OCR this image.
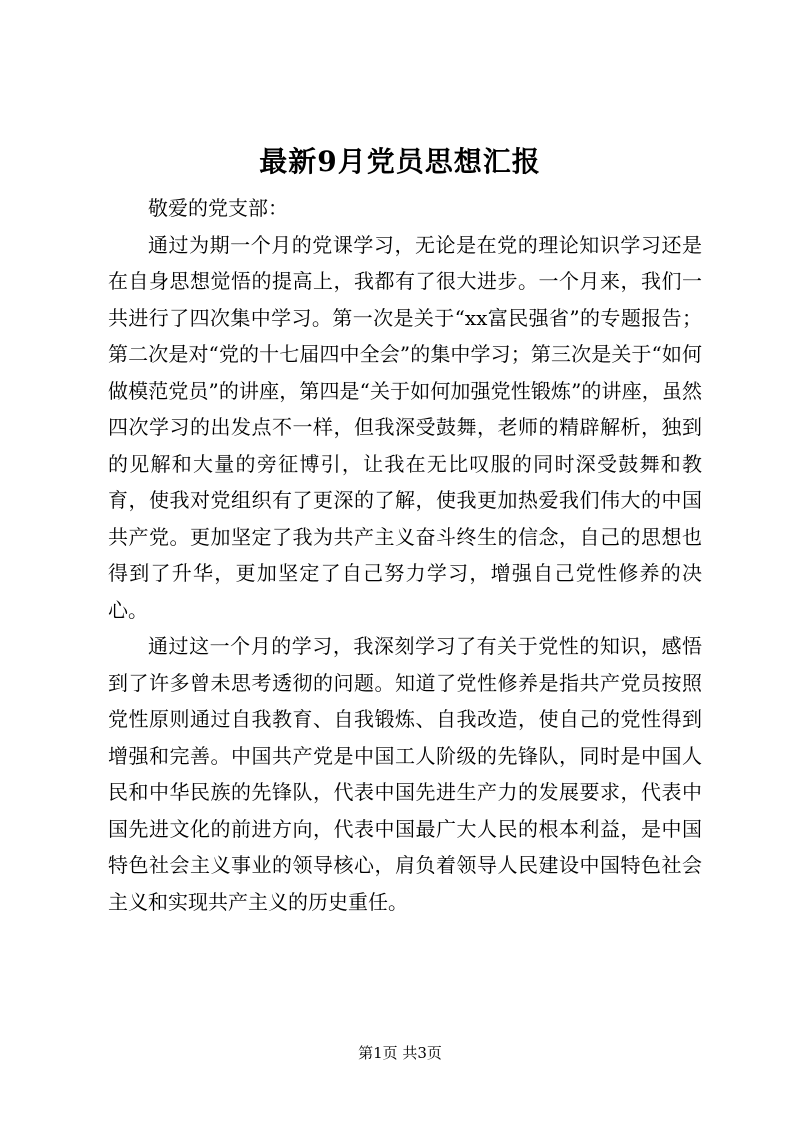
最新9月党员思想汇报

敬爱的党支部：

通过为期一个月的党课学习，无论是在党的理论知识学习还是在自身思想觉悟的提高上，我都有了很大进步。一个月来，我们一共进行了四次集中学习。第一次是关于“xx富民强省”的专题报告；第二次是对“党的十七届四中全会”的集中学习；第三次是关于“如何做模范党员”的讲座，第四是“关于如何加强党性锻炼”的讲座，虽然四次学习的出发点不一样，但我深受鼓舞，老师的精辟解析，独到的见解和大量的旁征博引，让我在无比叹服的同时深受鼓舞和教育，使我对党组织有了更深的了解，使我更加热爱我们伟大的中国共产党。更加坚定了我为共产主义奋斗终生的信念，自己的思想也得到了升华，更加坚定了自己努力学习，增强自己党性修养的决心。

通过这一个月的学习，我深刻学习了有关于党性的知识，感悟到了许多曾未思考透彻的问题。知道了党性修养是指共产党员按照党性原则通过自我教育、自我锻炼、自我改造，使自己的党性得到增强和完善。中国共产党是中国工人阶级的先锋队，同时是中国人民和中华民族的先锋队，代表中国先进生产力的发展要求，代表中国先进文化的前进方向，代表中国最广大人民的根本利益，是中国特色社会主义事业的领导核心，肩负着领导人民建设中国特色社会主义和实现共产主义的历史重任。

第1页 共3页
